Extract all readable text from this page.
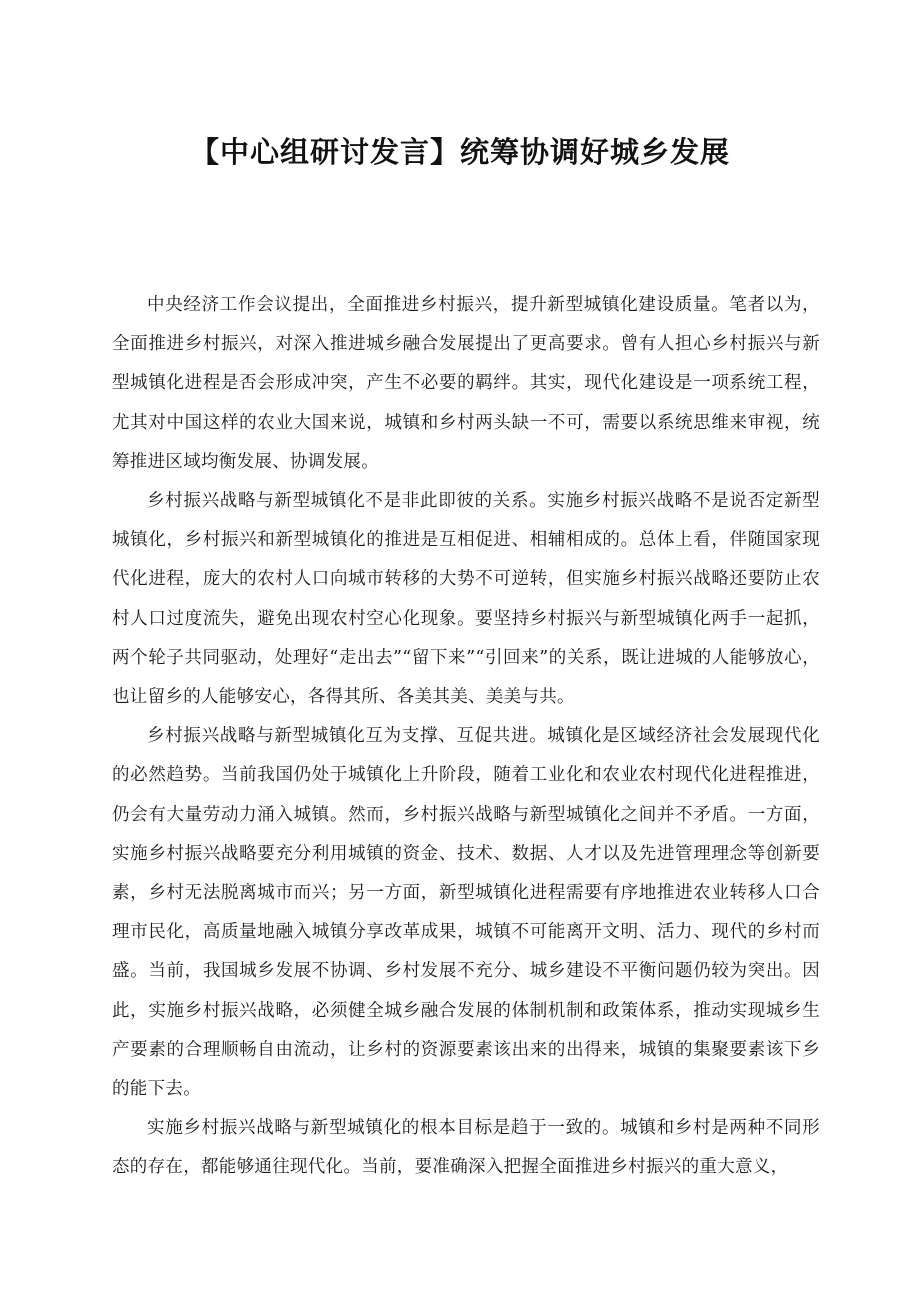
【中心组研讨发言】统筹协调好城乡发展

中央经济工作会议提出，全面推进乡村振兴，提升新型城镇化建设质量。笔者以为，全面推进乡村振兴，对深入推进城乡融合发展提出了更高要求。曾有人担心乡村振兴与新型城镇化进程是否会形成冲突，产生不必要的羁绊。其实，现代化建设是一项系统工程，尤其对中国这样的农业大国来说，城镇和乡村两头缺一不可，需要以系统思维来审视，统筹推进区域均衡发展、协调发展。

乡村振兴战略与新型城镇化不是非此即彼的关系。实施乡村振兴战略不是说否定新型城镇化，乡村振兴和新型城镇化的推进是互相促进、相辅相成的。总体上看，伴随国家现代化进程，庞大的农村人口向城市转移的大势不可逆转，但实施乡村振兴战略还要防止农村人口过度流失，避免出现农村空心化现象。要坚持乡村振兴与新型城镇化两手一起抓，两个轮子共同驱动，处理好“走出去”“留下来”“引回来”的关系，既让进城的人能够放心，也让留乡的人能够安心，各得其所、各美其美、美美与共。

乡村振兴战略与新型城镇化互为支撑、互促共进。城镇化是区域经济社会发展现代化的必然趋势。当前我国仍处于城镇化上升阶段，随着工业化和农业农村现代化进程推进，仍会有大量劳动力涌入城镇。然而，乡村振兴战略与新型城镇化之间并不矛盾。一方面，实施乡村振兴战略要充分利用城镇的资金、技术、数据、人才以及先进管理理念等创新要素，乡村无法脱离城市而兴；另一方面，新型城镇化进程需要有序地推进农业转移人口合理市民化，高质量地融入城镇分享改革成果，城镇不可能离开文明、活力、现代的乡村而盛。当前，我国城乡发展不协调、乡村发展不充分、城乡建设不平衡问题仍较为突出。因此，实施乡村振兴战略，必须健全城乡融合发展的体制机制和政策体系，推动实现城乡生产要素的合理顺畅自由流动，让乡村的资源要素该出来的出得来，城镇的集聚要素该下乡的能下去。

实施乡村振兴战略与新型城镇化的根本目标是趋于一致的。城镇和乡村是两种不同形态的存在，都能够通往现代化。当前，要准确深入把握全面推进乡村振兴的重大意义，
